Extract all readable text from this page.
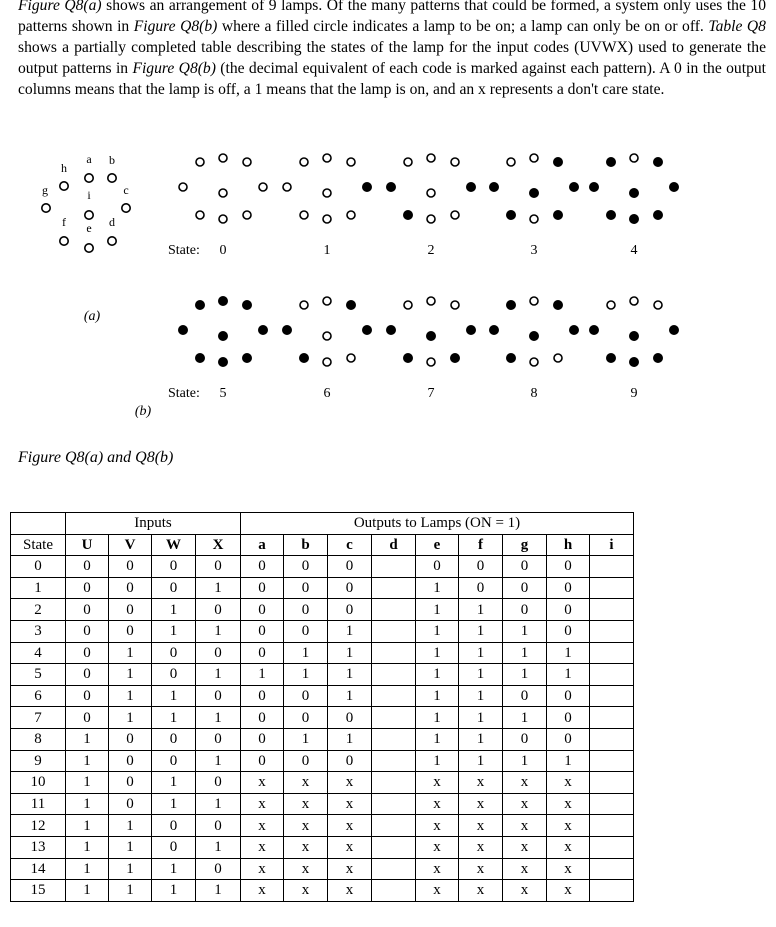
Figure Q8(a) shows an arrangement of 9 lamps. Of the many patterns that could be formed, a system only uses the 10 patterns shown in Figure Q8(b) where a filled circle indicates a lamp to be on; a lamp can only be on or off. Table Q8 shows a partially completed table describing the states of the lamp for the input codes (UVWX) used to generate the output patterns in Figure Q8(b) (the decimal equivalent of each code is marked against each pattern). A 0 in the output columns means that the lamp is off, a 1 means that the lamp is on, and an x represents a don't care state.

a b
c
d
e
f
g
h
i
(a)
(b)
State: 0	1	2	3	4
State: 5	6	7	8	9
Figure Q8(a) and Q8(b)
	Inputs				Outputs to Lamps (ON = 1)								
State	U	V	W	X	a	b	c	d	e	f	g	h	i
0	0	0	0	0	0	0	0		0	0	0	0	
1	0	0	0	1	0	0	0		1	0	0	0	
2	0	0	1	0	0	0	0		1	1	0	0	
3	0	0	1	1	0	0	1		1	1	1	0	
4	0	1	0	0	0	1	1		1	1	1	1	
5	0	1	0	1	1	1	1		1	1	1	1	
6	0	1	1	0	0	0	1		1	1	0	0	
7	0	1	1	1	0	0	0		1	1	1	0	
8	1	0	0	0	0	1	1		1	1	0	0	
9	1	0	0	1	0	0	0		1	1	1	1	
10	1	0	1	0	x	x	x		x	x	x	x	
11	1	0	1	1	x	x	x		x	x	x	x	
12	1	1	0	0	x	x	x		x	x	x	x	
13	1	1	0	1	x	x	x		x	x	x	x	
14	1	1	1	0	x	x	x		x	x	x	x	
15	1	1	1	1	x	x	x		x	x	x	x	
